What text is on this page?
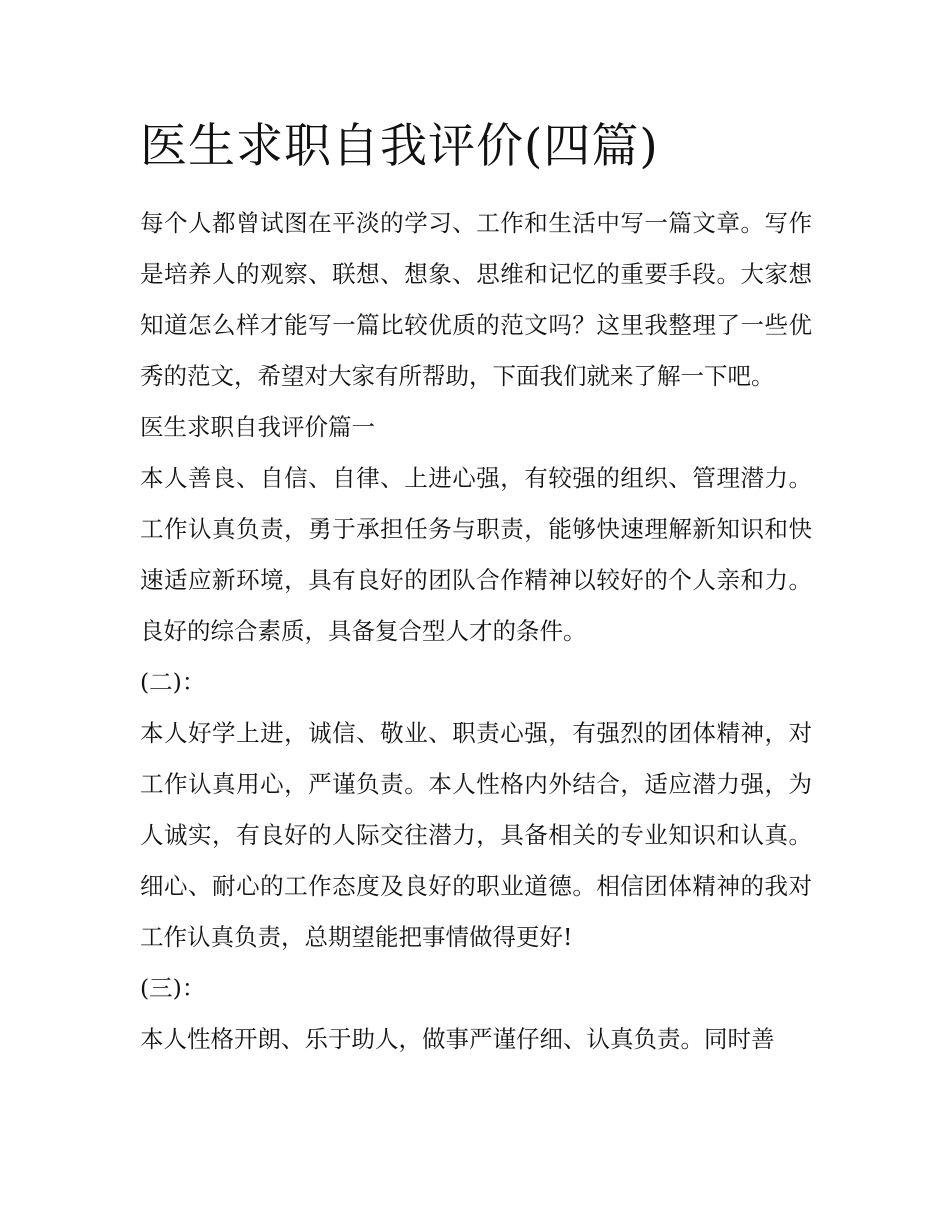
医生求职自我评价(四篇)

每个人都曾试图在平淡的学习、工作和生活中写一篇文章。写作是培养人的观察、联想、想象、思维和记忆的重要手段。大家想知道怎么样才能写一篇比较优质的范文吗？这里我整理了一些优秀的范文，希望对大家有所帮助，下面我们就来了解一下吧。

医生求职自我评价篇一

本人善良、自信、自律、上进心强，有较强的组织、管理潜力。工作认真负责，勇于承担任务与职责，能够快速理解新知识和快速适应新环境，具有良好的团队合作精神以较好的个人亲和力。良好的综合素质，具备复合型人才的条件。

(二)：

本人好学上进，诚信、敬业、职责心强，有强烈的团体精神，对工作认真用心，严谨负责。本人性格内外结合，适应潜力强，为人诚实，有良好的人际交往潜力，具备相关的专业知识和认真。细心、耐心的工作态度及良好的职业道德。相信团体精神的我对工作认真负责，总期望能把事情做得更好!

(三)：

本人性格开朗、乐于助人，做事严谨仔细、认真负责。同时善
